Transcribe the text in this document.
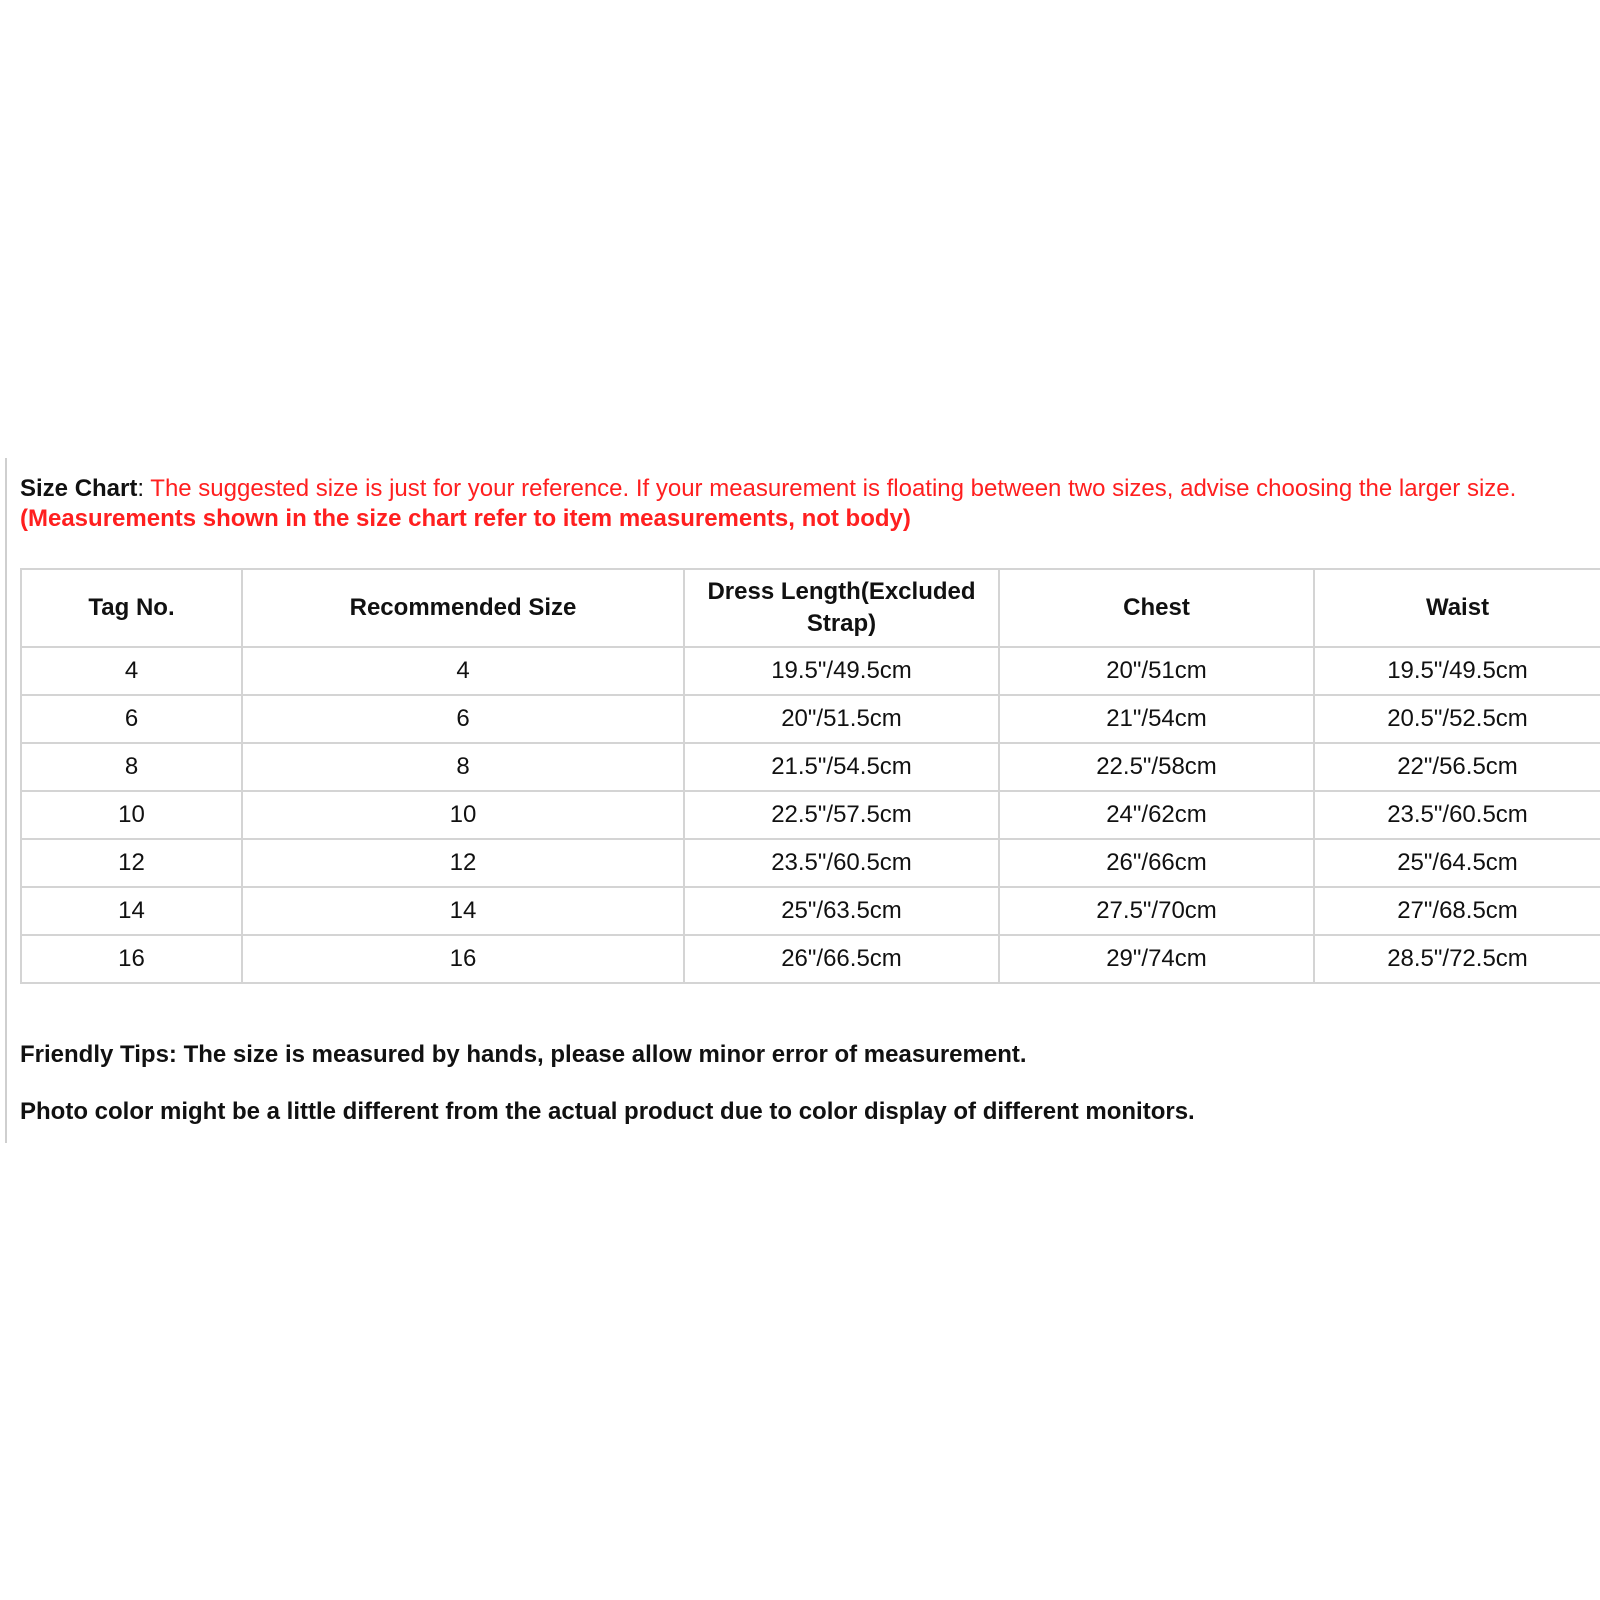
Size Chart: The suggested size is just for your reference. If your measurement is floating between two sizes, advise choosing the larger size.
(Measurements shown in the size chart refer to item measurements, not body)
Tag No.	Recommended Size	Dress Length(Excluded Strap)	Chest	Waist
4	4	19.5"/49.5cm	20"/51cm	19.5"/49.5cm
6	6	20"/51.5cm	21"/54cm	20.5"/52.5cm
8	8	21.5"/54.5cm	22.5"/58cm	22"/56.5cm
10	10	22.5"/57.5cm	24"/62cm	23.5"/60.5cm
12	12	23.5"/60.5cm	26"/66cm	25"/64.5cm
14	14	25"/63.5cm	27.5"/70cm	27"/68.5cm
16	16	26"/66.5cm	29"/74cm	28.5"/72.5cm
Friendly Tips: The size is measured by hands, please allow minor error of measurement.
Photo color might be a little different from the actual product due to color display of different monitors.
